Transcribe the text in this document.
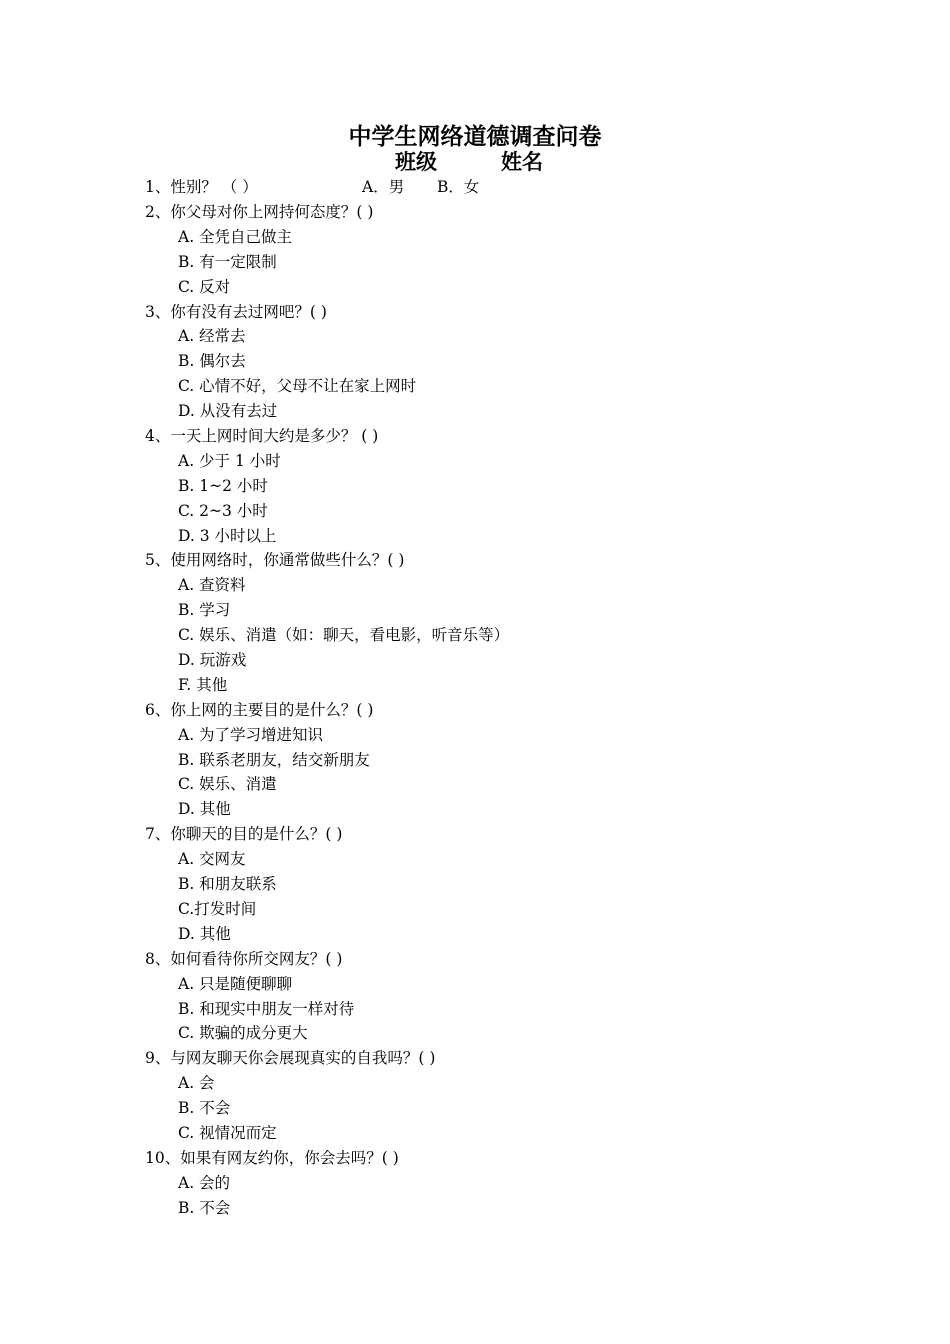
中学生网络道德调查问卷
班级	姓名
1、性别？ （ ）	A．男 B．女
2、你父母对你上网持何态度？( )
A. 全凭自己做主
B. 有一定限制
C. 反对
3、你有没有去过网吧？( )
A. 经常去
B. 偶尔去
C. 心情不好，父母不让在家上网时
D. 从没有去过
4、一天上网时间大约是多少？ ( )
A. 少于 1 小时
B. 1~2 小时
C. 2~3 小时
D. 3 小时以上
5、使用网络时，你通常做些什么？( )
A. 查资料
B. 学习
C. 娱乐、消遣（如：聊天，看电影，听音乐等）
D. 玩游戏
F. 其他
6、你上网的主要目的是什么？( )
A. 为了学习增进知识
B. 联系老朋友，结交新朋友
C. 娱乐、消遣
D. 其他
7、你聊天的目的是什么？( )
A. 交网友
B. 和朋友联系
C.打发时间
D. 其他
8、如何看待你所交网友？( )
A. 只是随便聊聊
B. 和现实中朋友一样对待
C. 欺骗的成分更大
9、与网友聊天你会展现真实的自我吗？( )
A. 会
B. 不会
C. 视情况而定
10、如果有网友约你，你会去吗？( )
A. 会的
B. 不会
